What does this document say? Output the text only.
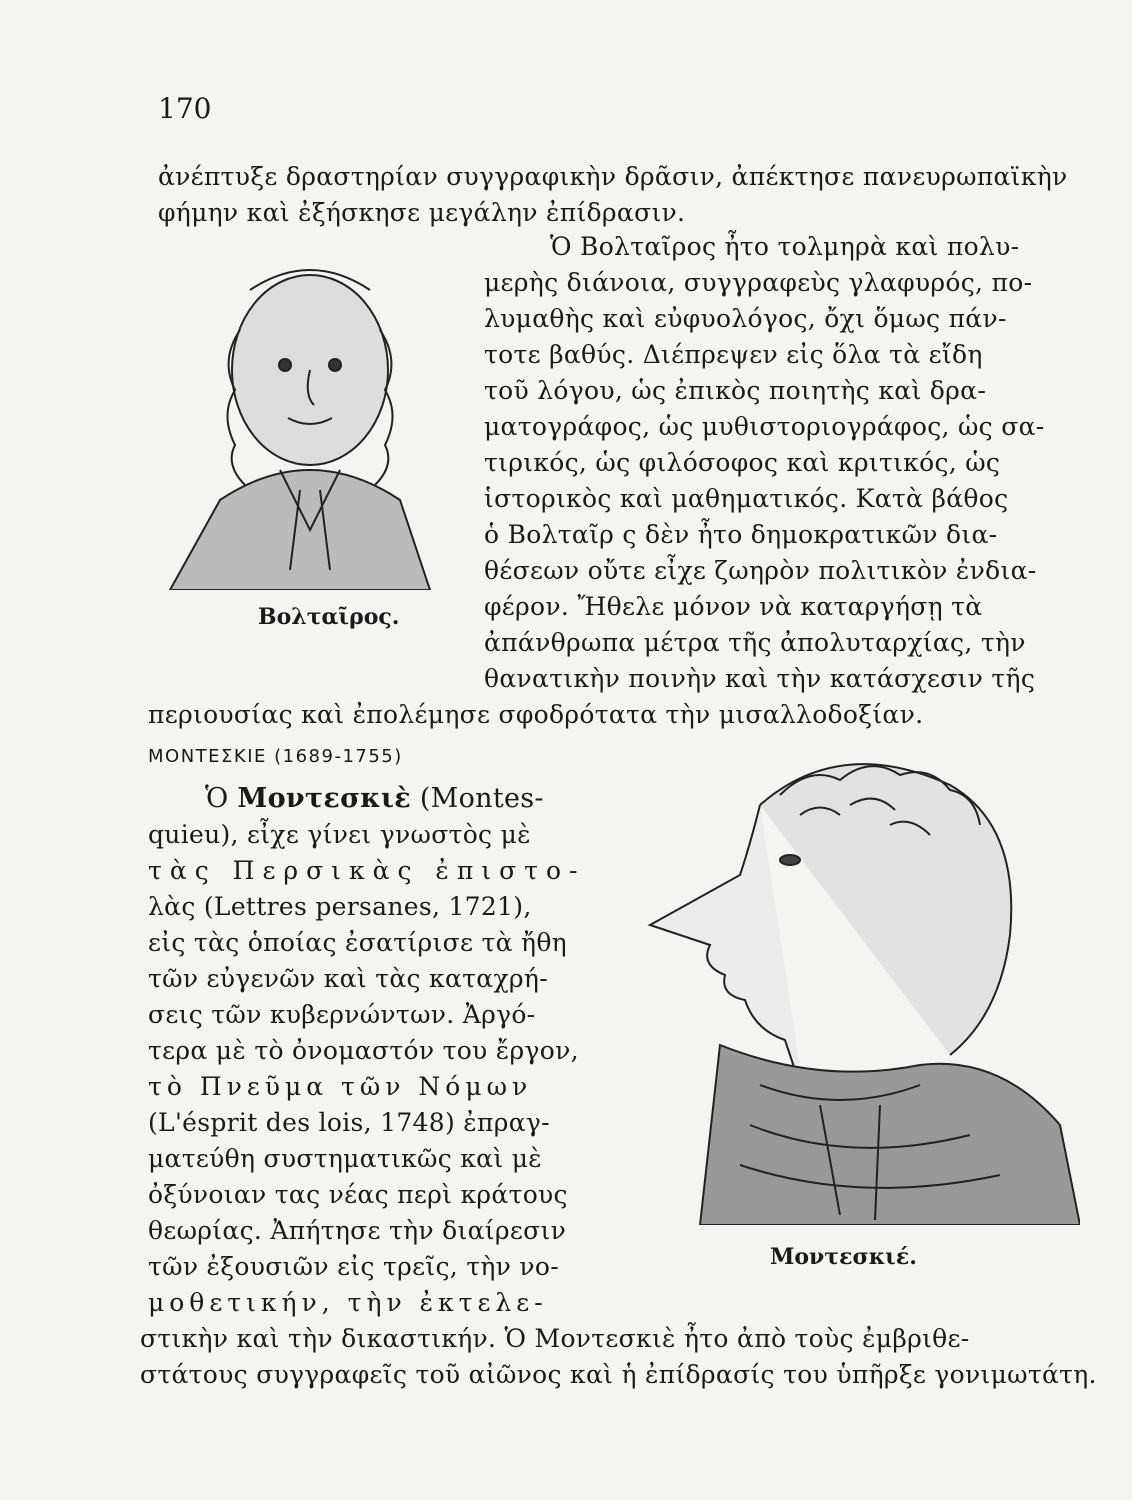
170
ἀνέπτυξε δραστηρίαν συγγραφικὴν δρᾶσιν, ἀπέκτησε πανευρωπαϊκὴν
φήμην καὶ ἐξήσκησε μεγάλην ἐπίδρασιν.
Βολταῖρος.
Ὁ Βολταῖρος ἦτο τολμηρὰ καὶ πολυ-
μερὴς διάνοια, συγγραφεὺς γλαφυρός, πο-
λυμαθὴς καὶ εὐφυολόγος, ὄχι ὅμως πάν-
τοτε βαθύς. Διέπρεψεν εἰς ὅλα τὰ εἴδη
τοῦ λόγου, ὡς ἐπικὸς ποιητὴς καὶ δρα-
ματογράφος, ὡς μυθιστοριογράφος, ὡς σα-
τιρικός, ὡς φιλόσοφος καὶ κριτικός, ὡς
ἱστορικὸς καὶ μαθηματικός. Κατὰ βάθος
ὁ Βολταῖρ ς δὲν ἦτο δημοκρατικῶν δια-
θέσεων οὔτε εἶχε ζωηρὸν πολιτικὸν ἐνδια-
φέρον. Ἤθελε μόνον νὰ καταργήσῃ τὰ
ἀπάνθρωπα μέτρα τῆς ἀπολυταρχίας, τὴν
θανατικὴν ποινὴν καὶ τὴν κατάσχεσιν τῆς
περιουσίας καὶ ἐπολέμησε σφοδρότατα τὴν μισαλλοδοξίαν.
ΜΟΝΤΕΣΚΙΕ (1689-1755)
Ὁ Μοντεσκιὲ (Montes-
quieu), εἶχε γίνει γνωστὸς μὲ
τὰς Περσικὰς ἐπιστο-
λὰς (Lettres persanes, 1721),
εἰς τὰς ὁποίας ἐσατίρισε τὰ ἤθη
τῶν εὐγενῶν καὶ τὰς καταχρή-
σεις τῶν κυβερνώντων. Ἀργό-
τερα μὲ τὸ ὀνομαστόν του ἔργον,
τὸ Πνεῦμα τῶν Νόμων
(L'ésprit des lois, 1748) ἐπραγ-
ματεύθη συστηματικῶς καὶ μὲ
ὀξύνοιαν τας νέας περὶ κράτους
θεωρίας. Ἀπήτησε τὴν διαίρεσιν
τῶν ἐξουσιῶν εἰς τρεῖς, τὴν νο-
μοθετικήν, τὴν ἐκτελε-
στικὴν καὶ τὴν δικαστικήν. Ὁ Μοντεσκιὲ ἦτο ἀπὸ τοὺς ἐμβριθε-
στάτους συγγραφεῖς τοῦ αἰῶνος καὶ ἡ ἐπίδρασίς του ὑπῆρξε γονιμωτάτη.
Μοντεσκιέ.
